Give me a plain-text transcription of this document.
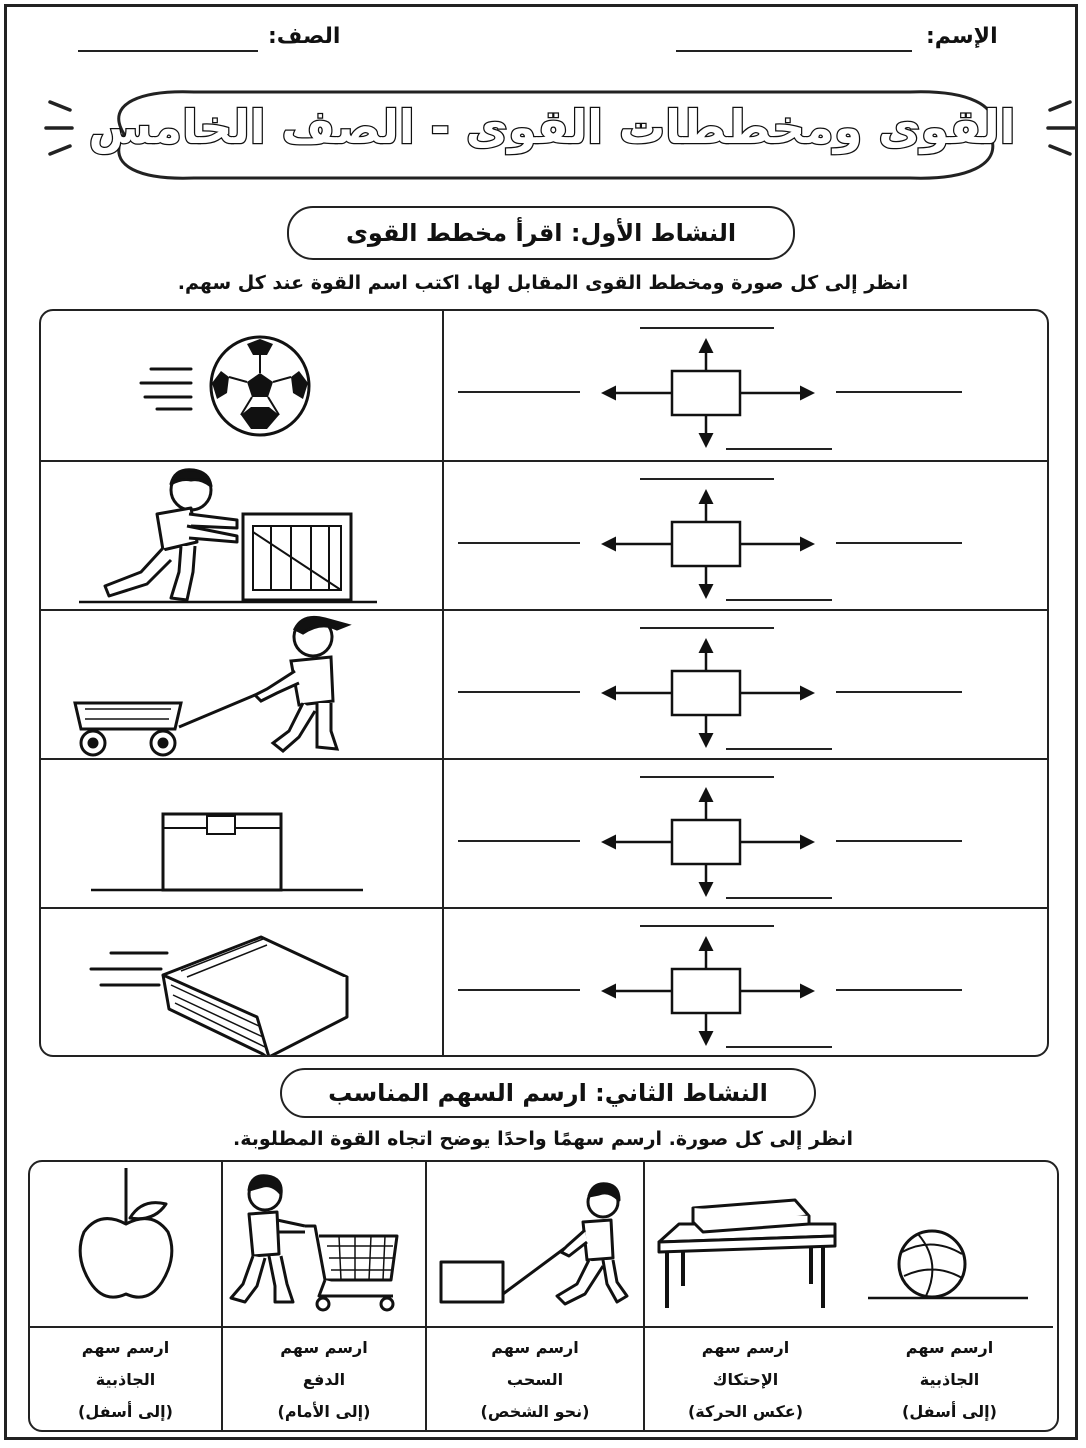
الإسم:
الصف:
القوى ومخططات القوى - الصف الخامس
النشاط الأول: اقرأ مخطط القوى
انظر إلى كل صورة ومخطط القوى المقابل لها. اكتب اسم القوة عند كل سهم.
النشاط الثاني: ارسم السهم المناسب
انظر إلى كل صورة. ارسم سهمًا واحدًا يوضح اتجاه القوة المطلوبة.
ارسم سهم
الجاذبية
(إلى أسفل)
ارسم سهم
الإحتكاك
(عكس الحركة)
ارسم سهم
السحب
(نحو الشخص)
ارسم سهم
الدفع
(إلى الأمام)
ارسم سهم
الجاذبية
(إلى أسفل)
